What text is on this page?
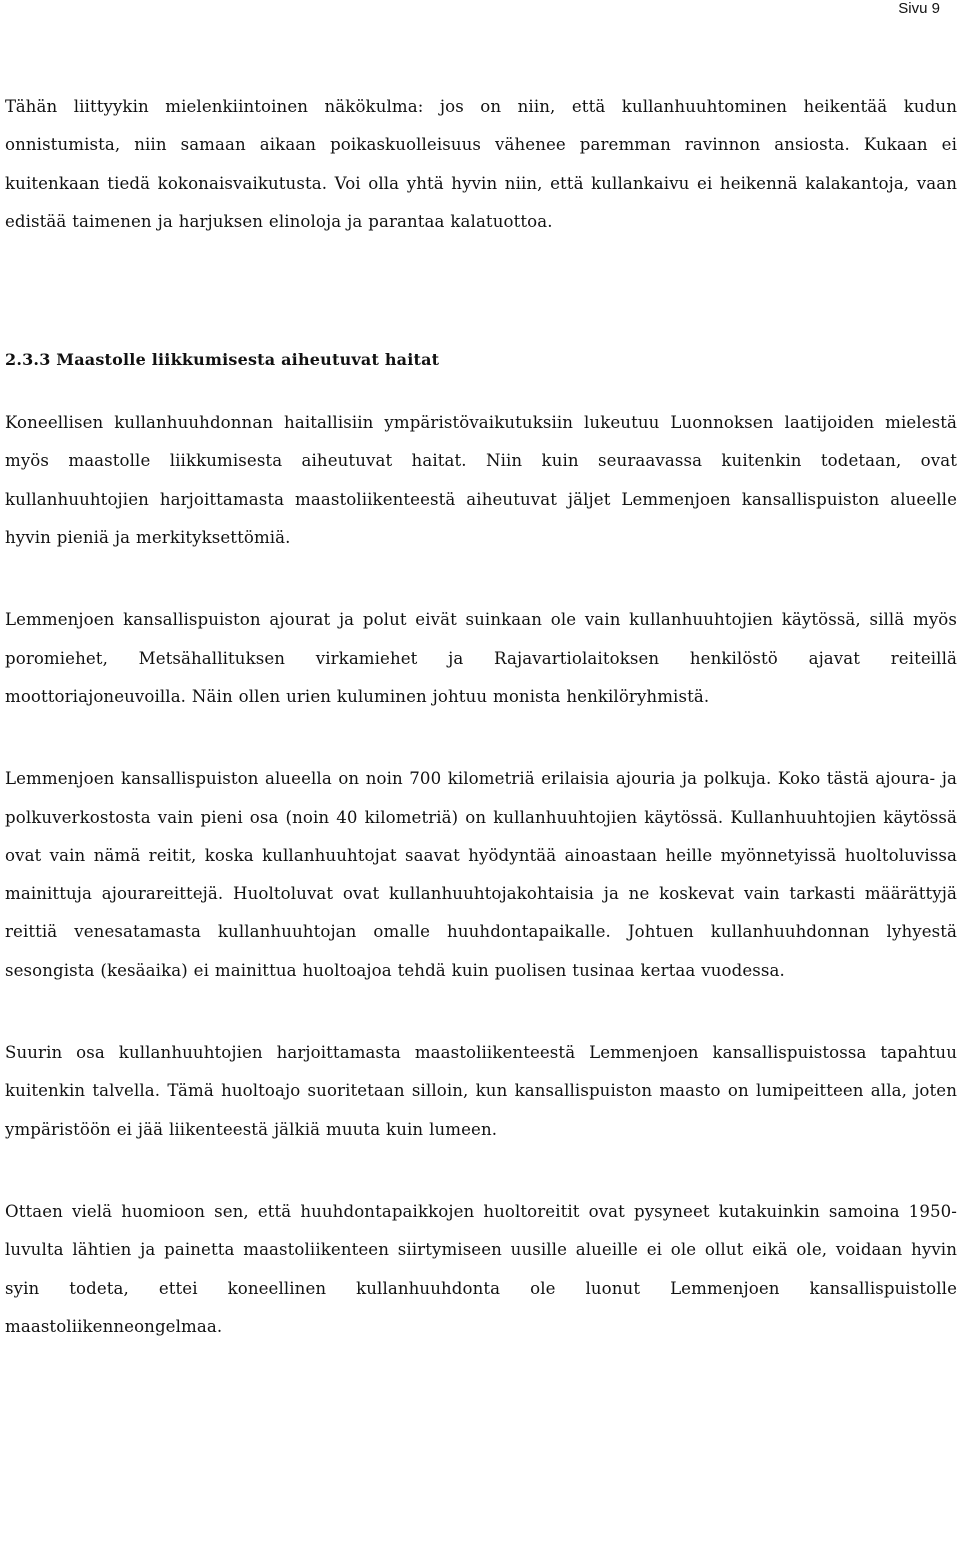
Sivu 9

Tähän liittyykin mielenkiintoinen näkökulma: jos on niin, että kullanhuuhtominen heikentää kudun onnistumista, niin samaan aikaan poikaskuolleisuus vähenee paremman ravinnon ansiosta. Kukaan ei kuitenkaan tiedä kokonaisvaikutusta. Voi olla yhtä hyvin niin, että kullankaivu ei heikennä kalakantoja, vaan edistää taimenen ja harjuksen elinoloja ja parantaa kalatuottoa.

2.3.3 Maastolle liikkumisesta aiheutuvat haitat

Koneellisen kullanhuuhdonnan haitallisiin ympäristövaikutuksiin lukeutuu Luonnoksen laatijoiden mielestä myös maastolle liikkumisesta aiheutuvat haitat. Niin kuin seuraavassa kuitenkin todetaan, ovat kullanhuuhtojien harjoittamasta maastoliikenteestä aiheutuvat jäljet Lemmenjoen kansallispuiston alueelle hyvin pieniä ja merkityksettömiä.

Lemmenjoen kansallispuiston ajourat ja polut eivät suinkaan ole vain kullanhuuhtojien käytössä, sillä myös poromiehet, Metsähallituksen virkamiehet ja Rajavartiolaitoksen henkilöstö ajavat reiteillä moottoriajoneuvoilla. Näin ollen urien kuluminen johtuu monista henkilöryhmistä.

Lemmenjoen kansallispuiston alueella on noin 700 kilometriä erilaisia ajouria ja polkuja. Koko tästä ajoura- ja polkuverkostosta vain pieni osa (noin 40 kilometriä) on kullanhuuhtojien käytössä. Kullanhuuhtojien käytössä ovat vain nämä reitit, koska kullanhuuhtojat saavat hyödyntää ainoastaan heille myönnetyissä huoltoluvissa mainittuja ajourareittejä. Huoltoluvat ovat kullanhuuhtojakohtaisia ja ne koskevat vain tarkasti määrättyjä reittiä venesatamasta kullanhuuhtojan omalle huuhdontapaikalle. Johtuen kullanhuuhdonnan lyhyestä sesongista (kesäaika) ei mainittua huoltoajoa tehdä kuin puolisen tusinaa kertaa vuodessa.

Suurin osa kullanhuuhtojien harjoittamasta maastoliikenteestä Lemmenjoen kansallispuistossa tapahtuu kuitenkin talvella. Tämä huoltoajo suoritetaan silloin, kun kansallispuiston maasto on lumipeitteen alla, joten ympäristöön ei jää liikenteestä jälkiä muuta kuin lumeen.

Ottaen vielä huomioon sen, että huuhdontapaikkojen huoltoreitit ovat pysyneet kutakuinkin samoina 1950-luvulta lähtien ja painetta maastoliikenteen siirtymiseen uusille alueille ei ole ollut eikä ole, voidaan hyvin syin todeta, ettei koneellinen kullanhuuhdonta ole luonut Lemmenjoen kansallispuistolle maastoliikenneongelmaa.
